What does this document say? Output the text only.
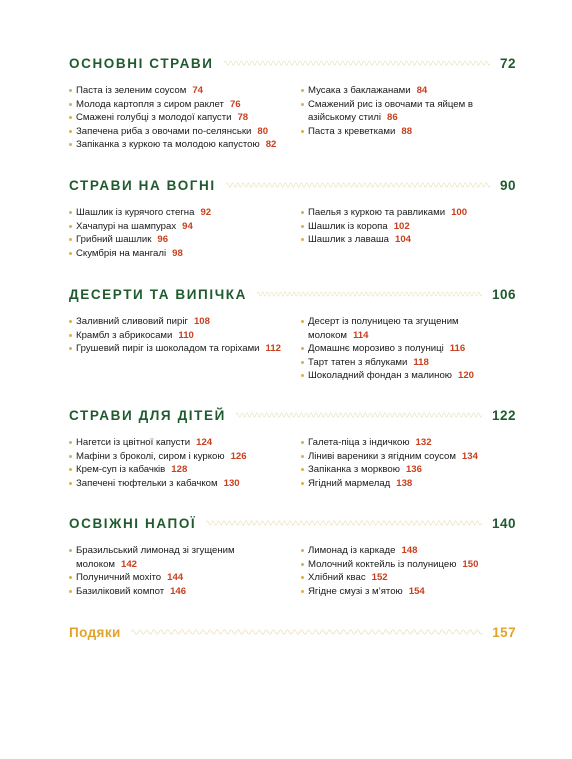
ОСНОВНІ СТРАВИ	72
Паста із зеленим соусом 74
Молода картопля з сиром раклет 76
Смажені голубці з молодої капусти 78
Запечена риба з овочами по-селянськи 80
Запіканка з куркою та молодою капустою 82
Мусака з баклажанами 84
Смажений рис із овочами та яйцем в азійському стилі 86
Паста з креветками 88
СТРАВИ НА ВОГНІ	90
Шашлик із курячого стегна 92
Хачапурі на шампурах 94
Грибний шашлик 96
Скумбрія на мангалі 98
Паелья з куркою та равликами 100
Шашлик із коропа 102
Шашлик з лаваша 104
ДЕСЕРТИ ТА ВИПІЧКА	106
Заливний сливовий пиріг 108
Крамбл з абрикосами 110
Грушевий пиріг із шоколадом та горіхами 112
Десерт із полуницею та згущеним молоком 114
Домашнє морозиво з полуниці 116
Тарт татен з яблуками 118
Шоколадний фондан з малиною 120
СТРАВИ ДЛЯ ДІТЕЙ	122
Нагетси із цвітної капусти 124
Мафіни з броколі, сиром і куркою 126
Крем-суп із кабачків 128
Запечені тюфтельки з кабачком 130
Галета-піца з індичкою 132
Ліниві вареники з ягідним соусом 134
Запіканка з морквою 136
Ягідний мармелад 138
ОСВІЖНІ НАПОЇ	140
Бразильський лимонад зі згущеним молоком 142
Полуничний мохіто 144
Базиліковий компот 146
Лимонад із каркаде 148
Молочний коктейль із полуницею 150
Хлібний квас 152
Ягідне смузі з м’ятою 154
Подяки	157
